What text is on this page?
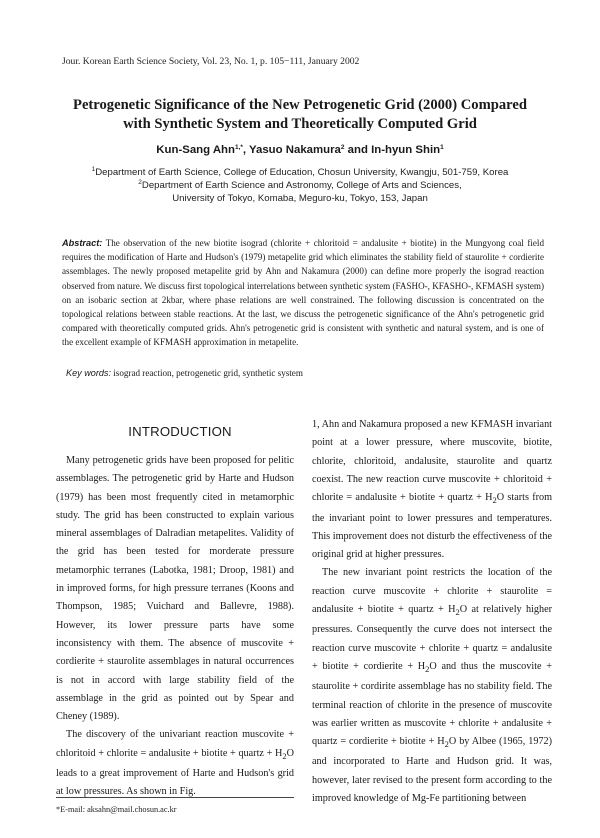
Jour. Korean Earth Science Society, Vol. 23, No. 1, p. 105−111, January 2002
Petrogenetic Significance of the New Petrogenetic Grid (2000) Compared
with Synthetic System and Theoretically Computed Grid
Kun-Sang Ahn$^{1,*}$, Yasuo Nakamura$^2$ and In-hyun Shin$^1$
$^1$Department of Earth Science, College of Education, Chosun University, Kwangju, 501-759, Korea
$^2$Department of Earth Science and Astronomy, College of Arts and Sciences,
University of Tokyo, Komaba, Meguro-ku, Tokyo, 153, Japan
Abstract: The observation of the new biotite isograd (chlorite + chloritoid = andalusite + biotite) in the Mungyong coal field requires the modification of Harte and Hudson's (1979) metapelite grid which eliminates the stability field of staurolite + cordierite assemblages. The newly proposed metapelite grid by Ahn and Nakamura (2000) can define more properly the isograd reaction observed from nature. We discuss first topological interrelations between synthetic system (FASHO-, KFASHO-, KFMASH system) on an isobaric section at 2kbar, where phase relations are well constrained. The following discussion is concentrated on the topological relations between stable reactions. At the last, we discuss the petrogenetic significance of the Ahn's petrogenetic grid compared with theoretically computed grids. Ahn's petrogenetic grid is consistent with synthetic and natural system, and is one of the excellent example of KFMASH approximation in metapelite.
Key words: isograd reaction, petrogenetic grid, synthetic system
INTRODUCTION

Many petrogenetic grids have been proposed for pelitic assemblages. The petrogenetic grid by Harte and Hudson (1979) has been most frequently cited in metamorphic study. The grid has been constructed to explain various mineral assemblages of Dalradian metapelites. Validity of the grid has been tested for morderate pressure metamorphic terranes (Labotka, 1981; Droop, 1981) and in improved forms, for high pressure terranes (Koons and Thompson, 1985; Vuichard and Ballevre, 1988). However, its lower pressure parts have some inconsistency with them. The absence of muscovite + cordierite + staurolite assemblages in natural occurrences is not in accord with large stability field of the assemblage in the grid as pointed out by Spear and Cheney (1989).

The discovery of the univariant reaction muscovite + chloritoid + chlorite = andalusite + biotite + quartz + $H_2O$ leads to a great improvement of Harte and Hudson's grid at low pressures. As shown in Fig.

1, Ahn and Nakamura proposed a new KFMASH invariant point at a lower pressure, where muscovite, biotite, chlorite, chloritoid, andalusite, staurolite and quartz coexist. The new reaction curve muscovite + chloritoid + chlorite = andalusite + biotite + quartz + $H_2O$ starts from the invariant point to lower pressures and temperatures. This improvement does not disturb the effectiveness of the original grid at higher pressures.

The new invariant point restricts the location of the reaction curve muscovite + chlorite + staurolite = andalusite + biotite + quartz + $H_2O$ at relatively higher pressures. Consequently the curve does not intersect the reaction curve muscovite + chlorite + quartz = andalusite + biotite + cordierite + $H_2O$ and thus the muscovite + staurolite + cordirite assemblage has no stability field. The terminal reaction of chlorite in the presence of muscovite was earlier written as muscovite + chlorite + andalusite + quartz = cordierite + biotite + $H_2O$ by Albee (1965, 1972) and incorporated to Harte and Hudson grid. It was, however, later revised to the present form according to the improved knowledge of Mg-Fe partitioning between

*E-mail: aksahn@mail.chosun.ac.kr
